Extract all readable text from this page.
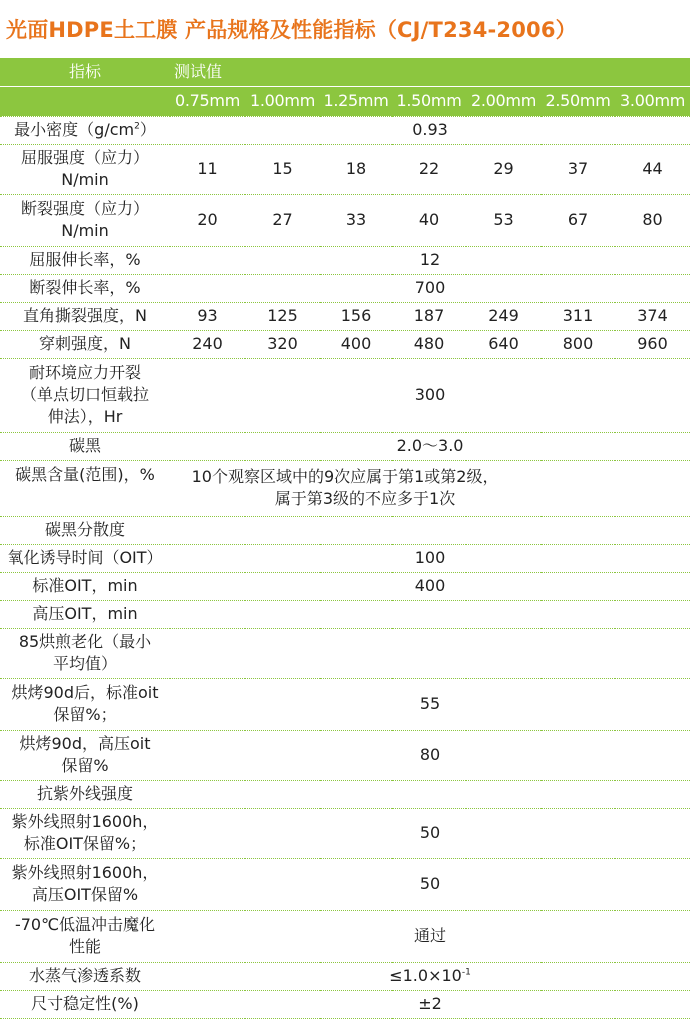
光面HDPE土工膜 产品规格及性能指标（CJ/T234-2006）
指标	测试值						
	0.75mm	1.00mm	1.25mm	1.50mm	2.00mm	2.50mm	3.00mm
最小密度$(g/cm^2)$	0.93						
屈服强度（应力）N/min	11	15	18	22	29	37	44
断裂强度（应力）N/min	20	27	33	40	53	67	80
屈服伸长率，%	12						
断裂伸长率，%	700						
直角撕裂强度，N	93	125	156	187	249	311	374
穿刺强度，N	240	320	400	480	640	800	960
耐环境应力开裂（单点切口恒载拉伸法），Hr	300						
碳黑	2.0～3.0						
碳黑含量(范围)，%	10个观察区域中的9次应属于第1或第2级，
属于第3级的不应多于1次						

碳黑分散度							
氧化诱导时间（OIT）	100						
标准OIT，min	400						
高压OIT，min							
85烘煎老化（最小平均值）							
烘烤90d后，标准oit保留%；	55						
烘烤90d，高压oit保留%	80						
抗紫外线强度							
紫外线照射1600h，标准OIT保留%；	50						
紫外线照射1600h，高压OIT保留%	50						
-70℃低温冲击魔化性能	通过						
水蒸气渗透系数	$\le 1.0\times 10^{-1}$
尺寸稳定性(%)	±2						
